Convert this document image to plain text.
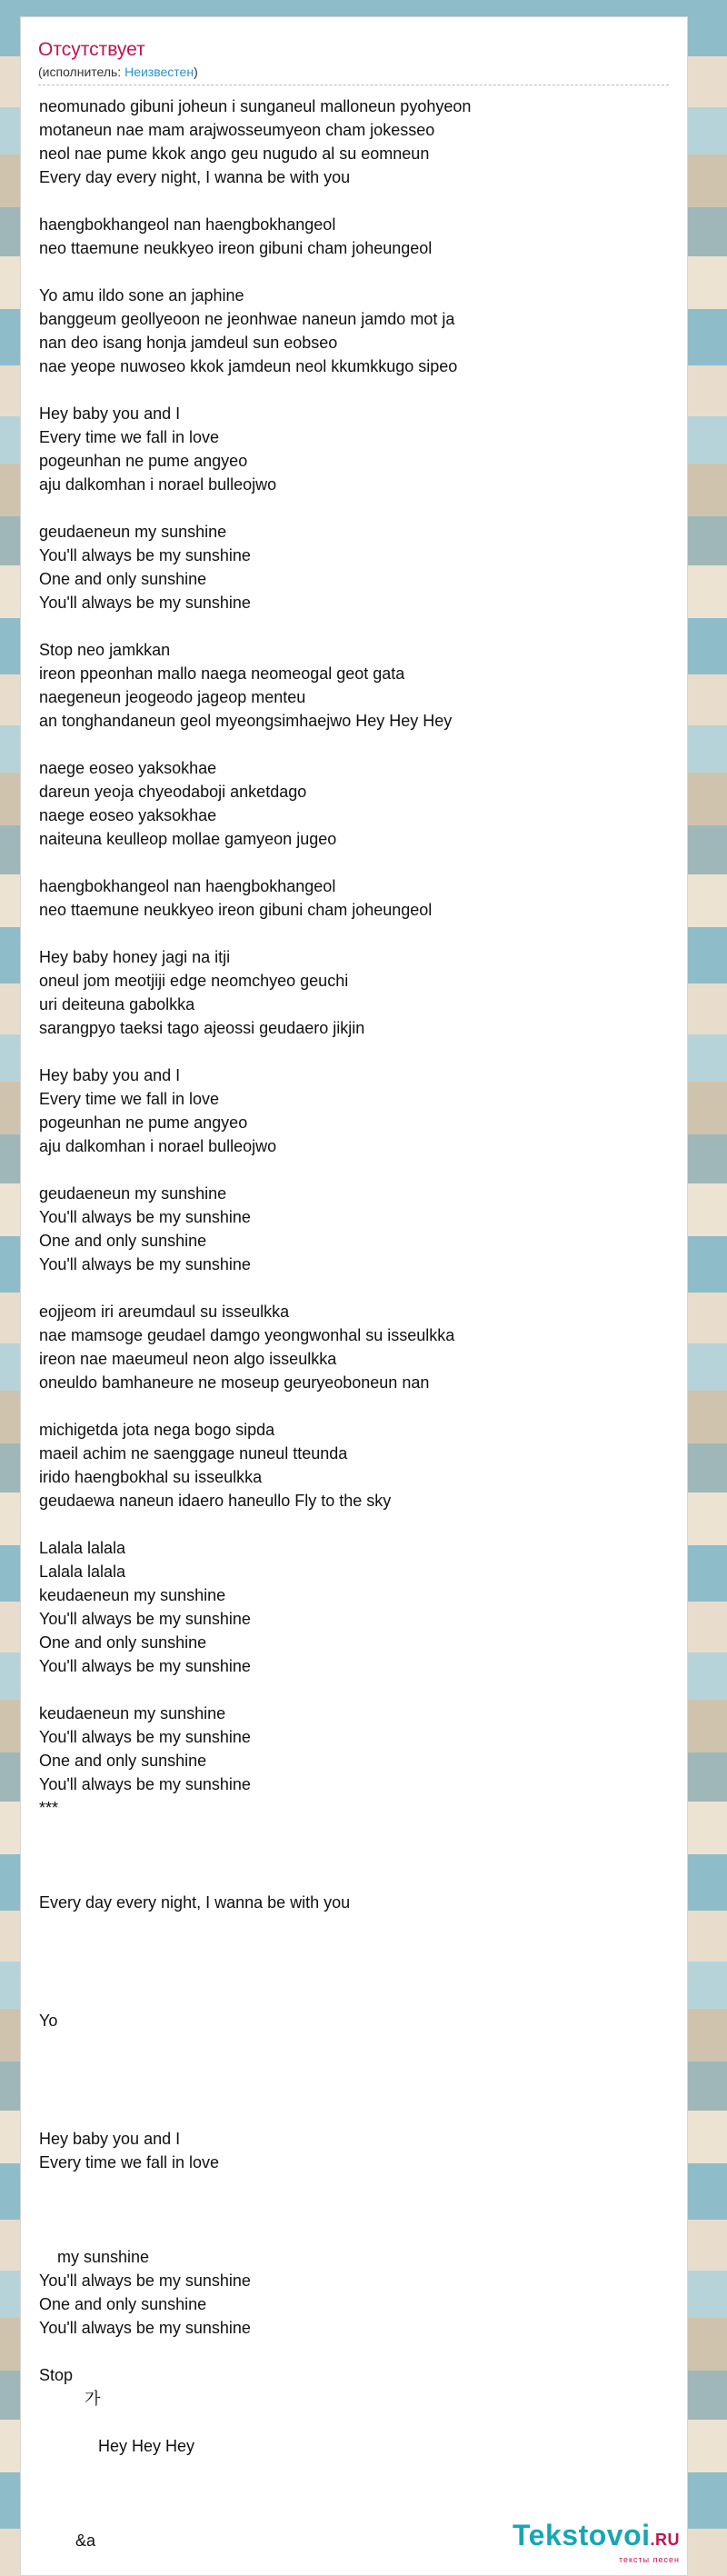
Отсутствует
(исполнитель: Неизвестен)
neomunado gibuni joheun i sunganeul malloneun pyohyeon
motaneun nae mam arajwosseumyeon cham jokesseo
neol nae pume kkok ango geu nugudo al su eomneun
Every day every night, I wanna be with you
haengbokhangeol nan haengbokhangeol
neo ttaemune neukkyeo ireon gibuni cham joheungeol
Yo amu ildo sone an japhine
banggeum geollyeoon ne jeonhwae naneun jamdo mot ja
nan deo isang honja jamdeul sun eobseo
nae yeope nuwoseo kkok jamdeun neol kkumkkugo sipeo
Hey baby you and I
Every time we fall in love
pogeunhan ne pume angyeo
aju dalkomhan i norael bulleojwo
geudaeneun my sunshine
You'll always be my sunshine
One and only sunshine
You'll always be my sunshine
Stop neo jamkkan
ireon ppeonhan mallo naega neomeogal geot gata
naegeneun jeogeodo jageop menteu
an tonghandaneun geol myeongsimhaejwo Hey Hey Hey
naege eoseo yaksokhae
dareun yeoja chyeodaboji anketdago
naege eoseo yaksokhae
naiteuna keulleop mollae gamyeon jugeo
haengbokhangeol nan haengbokhangeol
neo ttaemune neukkyeo ireon gibuni cham joheungeol
Hey baby honey jagi na itji
oneul jom meotjiji edge neomchyeo geuchi
uri deiteuna gabolkka
sarangpyo taeksi tago ajeossi geudaero jikjin
Hey baby you and I
Every time we fall in love
pogeunhan ne pume angyeo
aju dalkomhan i norael bulleojwo
geudaeneun my sunshine
You'll always be my sunshine
One and only sunshine
You'll always be my sunshine
eojjeom iri areumdaul su isseulkka
nae mamsoge geudael damgo yeongwonhal su isseulkka
ireon nae maeumeul neon algo isseulkka
oneuldo bamhaneure ne moseup geuryeoboneun nan
michigetda jota nega bogo sipda
maeil achim ne saenggage nuneul tteunda
irido haengbokhal su isseulkka
geudaewa naneun idaero haneullo Fly to the sky
Lalala lalala
Lalala lalala
keudaeneun my sunshine
You'll always be my sunshine
One and only sunshine
You'll always be my sunshine
keudaeneun my sunshine
You'll always be my sunshine
One and only sunshine
You'll always be my sunshine
***
Every day every night, I wanna be with you
Yo
Hey baby you and I
Every time we fall in love
my sunshine
You'll always be my sunshine
One and only sunshine
You'll always be my sunshine
Stop
가
Hey Hey Hey
&a	Tekstovoi.RU
тексты песен
